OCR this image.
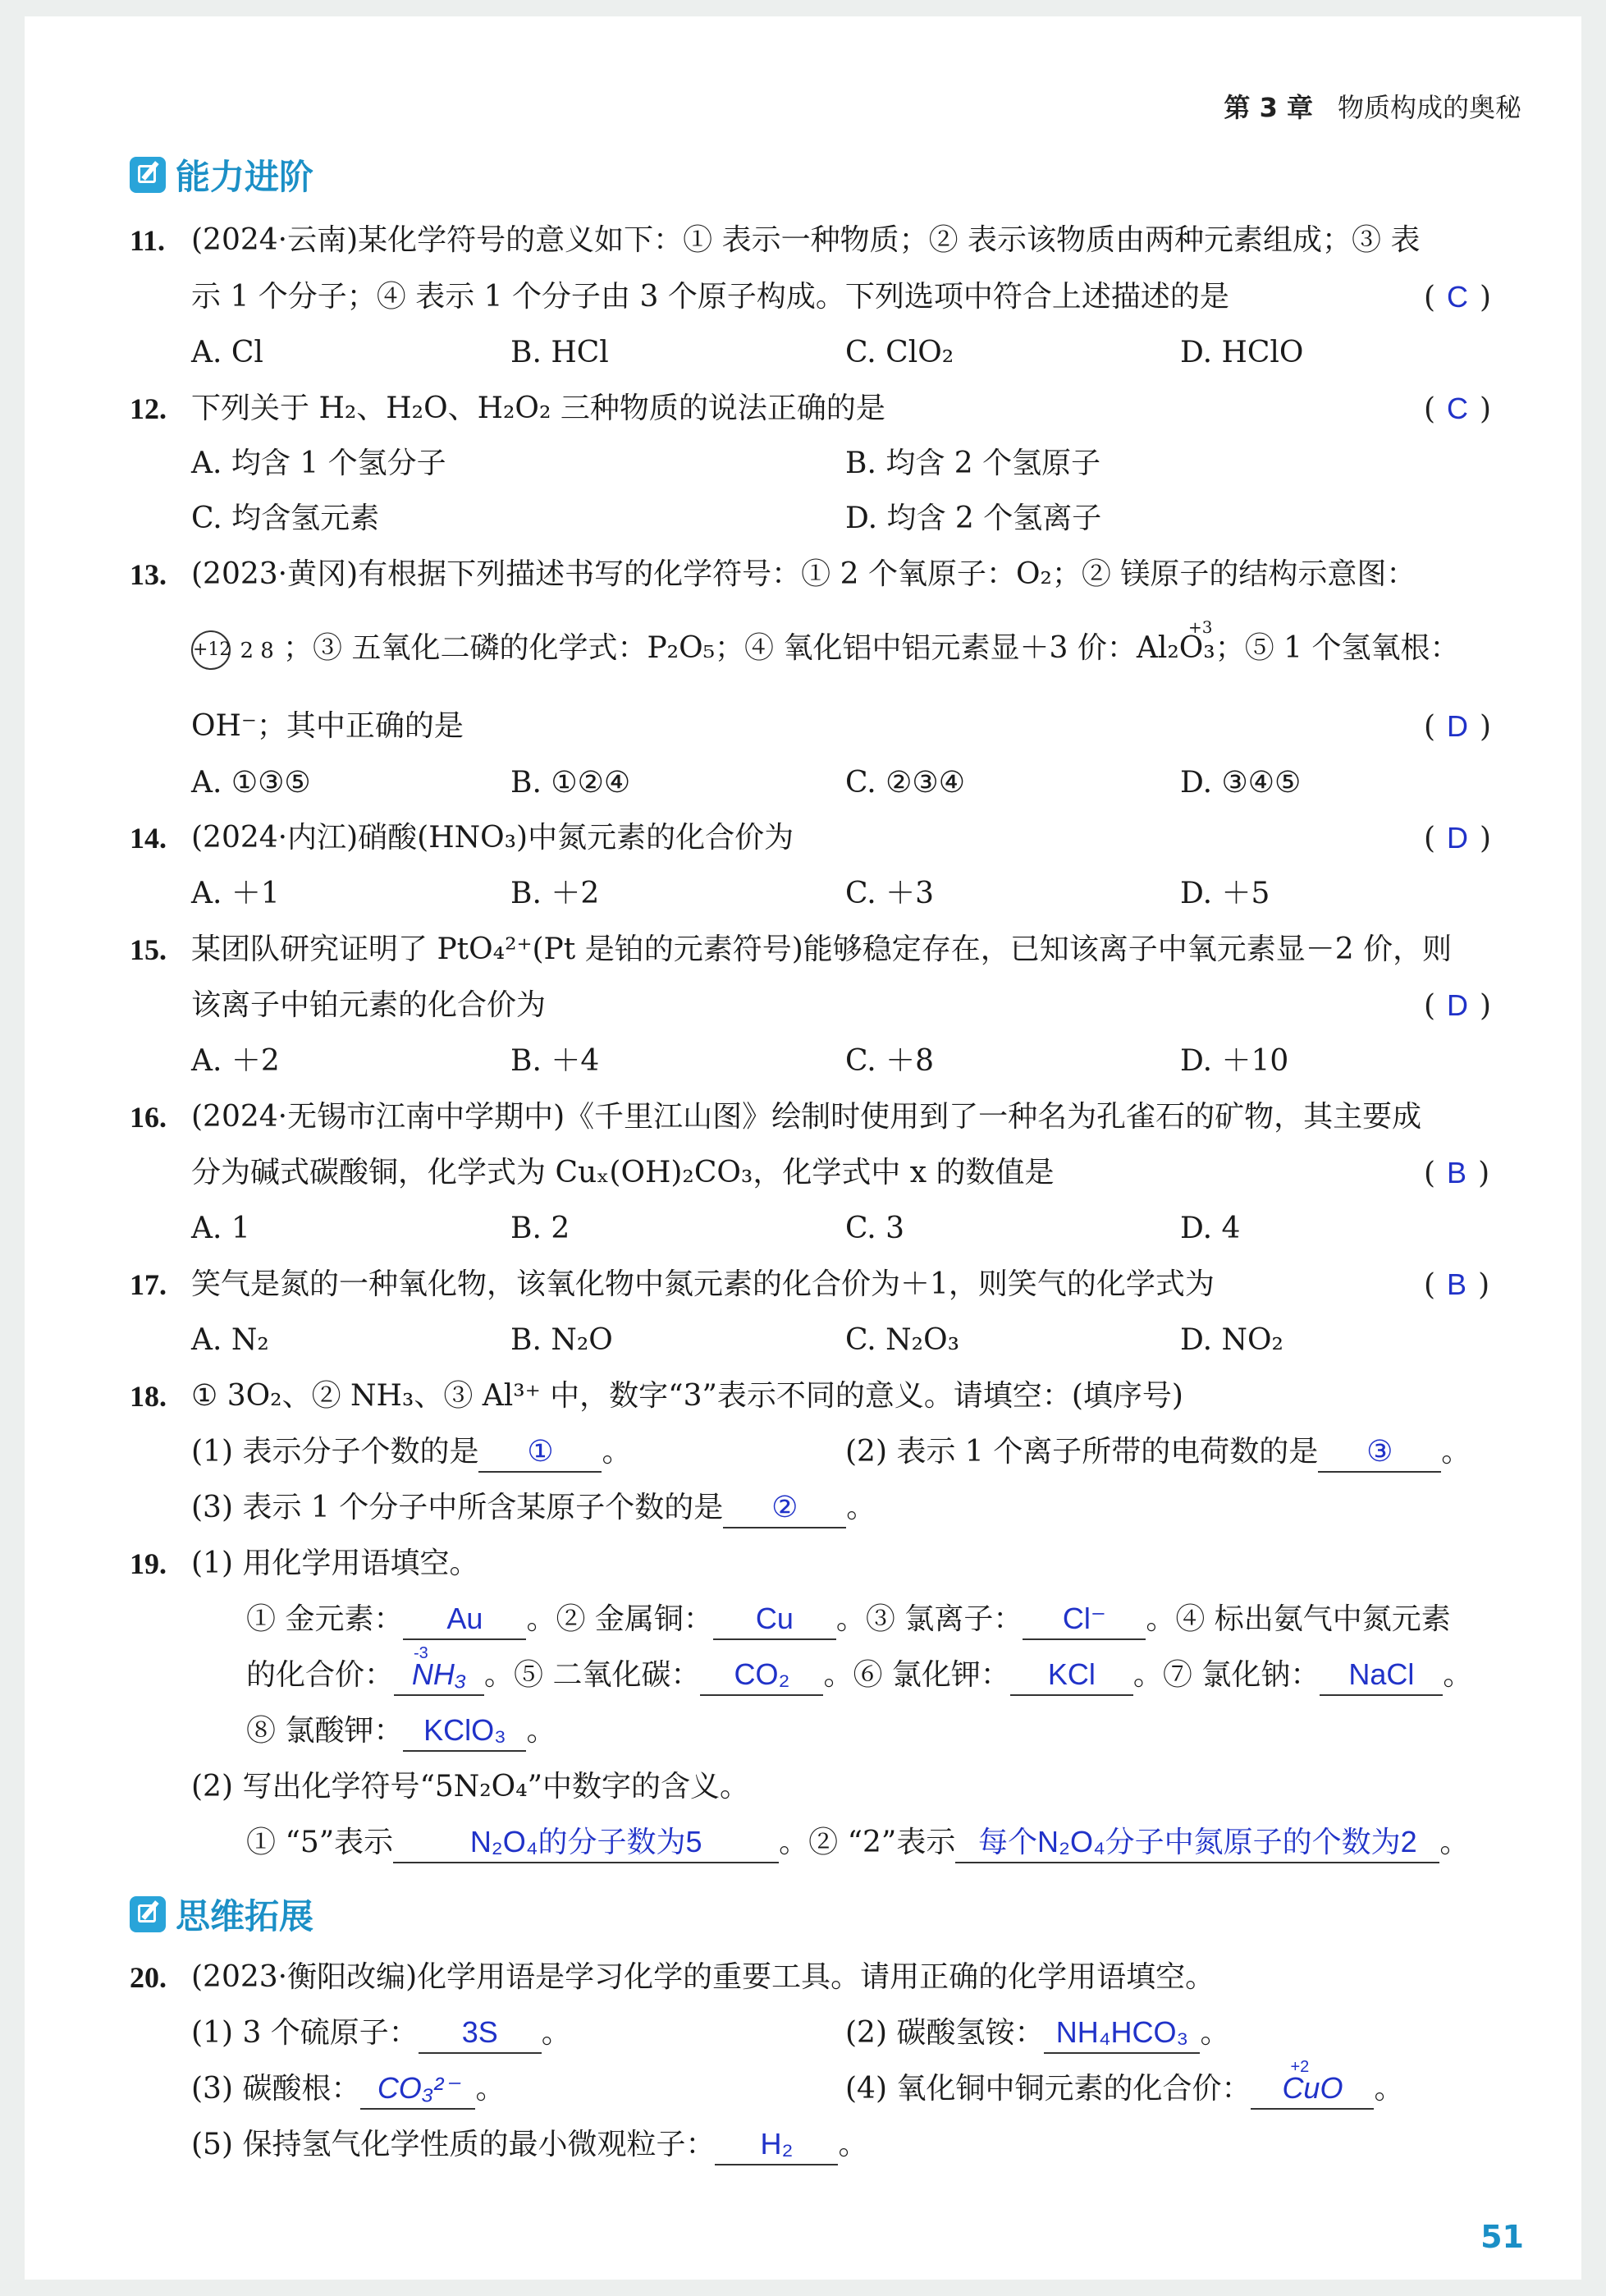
第 3 章 物质构成的奥秘
能力进阶
11. (2024·云南)某化学符号的意义如下：① 表示一种物质；② 表示该物质由两种元素组成；③ 表
示 1 个分子；④ 表示 1 个分子由 3 个原子构成。下列选项中符合上述描述的是	( C )
A. Cl	B. HCl	C. ClO₂	D. HClO
12. 下列关于 H₂、H₂O、H₂O₂ 三种物质的说法正确的是	( C )
A. 均含 1 个氢分子	B. 均含 2 个氢原子
C. 均含氢元素	D. 均含 2 个氢离子
13. (2023·黄冈)有根据下列描述书写的化学符号：① 2 个氧原子：O₂；② 镁原子的结构示意图：
+12 2 8 ；③ 五氧化二磷的化学式：P₂O₅；④ 氧化铝中铝元素显＋3 价：Al₂O₃；⑤ 1 个氢氧根：
+3
OH⁻；其中正确的是	( D )
A. ①③⑤	B. ①②④	C. ②③④	D. ③④⑤
14. (2024·内江)硝酸(HNO₃)中氮元素的化合价为	( D )
A. ＋1	B. ＋2	C. ＋3	D. ＋5
15. 某团队研究证明了 PtO₄²⁺(Pt 是铂的元素符号)能够稳定存在，已知该离子中氧元素显－2 价，则
该离子中铂元素的化合价为	( D )
A. ＋2	B. ＋4	C. ＋8	D. ＋10
16. (2024·无锡市江南中学期中)《千里江山图》绘制时使用到了一种名为孔雀石的矿物，其主要成
分为碱式碳酸铜，化学式为 Cuₓ(OH)₂CO₃，化学式中 x 的数值是	( B )
A. 1	B. 2	C. 3	D. 4
17. 笑气是氮的一种氧化物，该氧化物中氮元素的化合价为＋1，则笑气的化学式为	( B )
A. N₂	B. N₂O	C. N₂O₃	D. NO₂
18. ① 3O₂、② NH₃、③ Al³⁺ 中，数字“3”表示不同的意义。请填空：(填序号)
(1) 表示分子个数的是 ① 。	(2) 表示 1 个离子所带的电荷数的是 ③ 。
(3) 表示 1 个分子中所含某原子个数的是 ② 。
19. (1) 用化学用语填空。
① 金元素： Au 。② 金属铜： Cu 。③ 氯离子： Cl⁻ 。④ 标出氨气中氮元素
的化合价：
-3
NH₃ 。⑤ 二氧化碳： CO₂ 。⑥ 氯化钾： KCl 。⑦ 氯化钠： NaCl 。
⑧ 氯酸钾： KClO₃ 。
(2) 写出化学符号“5N₂O₄”中数字的含义。
① “5”表示	N₂O₄的分子数为5	。② “2”表示 每个N₂O₄分子中氮原子的个数为2 。
思维拓展
20. (2023·衡阳改编)化学用语是学习化学的重要工具。请用正确的化学用语填空。
(1) 3 个硫原子： 3S 。	(2) 碳酸氢铵： NH₄HCO₃ 。
(3) 碳酸根： CO₃²⁻ 。	(4) 氧化铜中铜元素的化合价：
+2
CuO 。
(5) 保持氢气化学性质的最小微观粒子： H₂ 。
51
